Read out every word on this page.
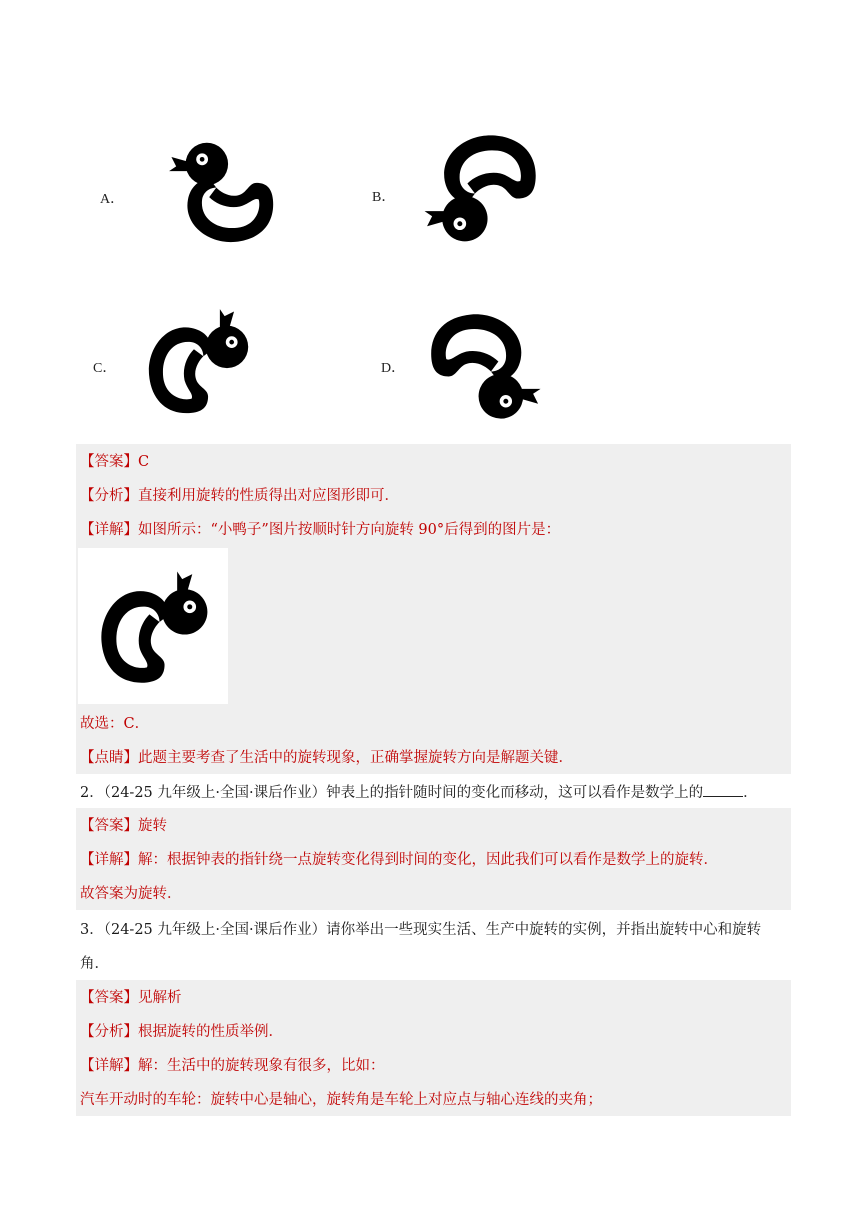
A．	B．
C．	D．
【答案】C
【分析】直接利用旋转的性质得出对应图形即可．
【详解】如图所示：“小鸭子”图片按顺时针方向旋转 90°后得到的图片是：
故选：C．
【点睛】此题主要考查了生活中的旋转现象，正确掌握旋转方向是解题关键．
2．（24-25 九年级上·全国·课后作业）钟表上的指针随时间的变化而移动，这可以看作是数学上的	．
【答案】旋转
【详解】解：根据钟表的指针绕一点旋转变化得到时间的变化，因此我们可以看作是数学上的旋转．
故答案为旋转．
3．（24-25 九年级上·全国·课后作业）请你举出一些现实生活、生产中旋转的实例，并指出旋转中心和旋转
角．
【答案】见解析
【分析】根据旋转的性质举例．
【详解】解：生活中的旋转现象有很多，比如：
汽车开动时的车轮：旋转中心是轴心，旋转角是车轮上对应点与轴心连线的夹角；
